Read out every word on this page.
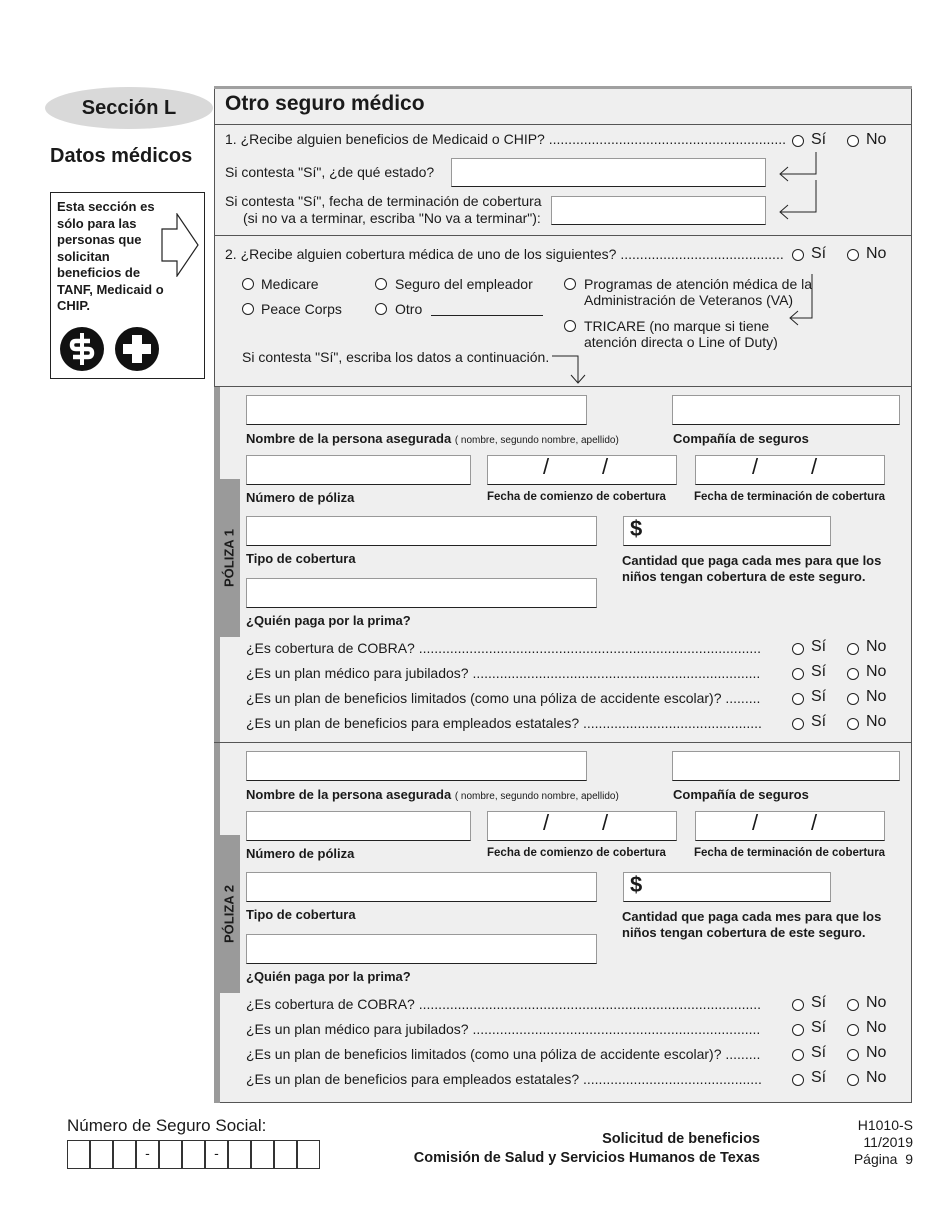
Sección L
Datos médicos
Esta sección es sólo para las personas que solicitan beneficios de TANF, Medicaid o CHIP.
Otro seguro médico
1. ¿Recibe alguien beneficios de Medicaid o CHIP? ............................................................. Sí No
Si contesta "Sí", ¿de qué estado?
Si contesta "Sí", fecha de terminación de cobertura
(si no va a terminar, escriba "No va a terminar"):
2. ¿Recibe alguien cobertura médica de uno de los siguientes? .......................................... Sí No
Medicare	Seguro del empleador	Programas de atención médica de la
Administración de Veteranos (VA)
Peace Corps	Otro
TRICARE (no marque si tiene
atención directa o Line of Duty)
Si contesta "Sí", escriba los datos a continuación.
PÓLIZA 1
Nombre de la persona asegurada ( nombre, segundo nombre, apellido)	Compañía de seguros
/ /	/ /
Número de póliza	Fecha de comienzo de cobertura Fecha de terminación de cobertura
$
Tipo de cobertura	Cantidad que paga cada mes para que los
niños tengan cobertura de este seguro.
¿Quién paga por la prima?
¿Es cobertura de COBRA? ........................................................................................	Sí No
¿Es un plan médico para jubilados? ..........................................................................	Sí No
¿Es un plan de beneficios limitados (como una póliza de accidente escolar)? .........	Sí No
¿Es un plan de beneficios para empleados estatales? ..............................................	Sí No
PÓLIZA 2
Nombre de la persona asegurada ( nombre, segundo nombre, apellido)	Compañía de seguros
/ /	/ /
Número de póliza	Fecha de comienzo de cobertura Fecha de terminación de cobertura
$
Tipo de cobertura	Cantidad que paga cada mes para que los
niños tengan cobertura de este seguro.
¿Quién paga por la prima?
¿Es cobertura de COBRA? ........................................................................................	Sí No
¿Es un plan médico para jubilados? ..........................................................................	Sí No
¿Es un plan de beneficios limitados (como una póliza de accidente escolar)? .........	Sí No
¿Es un plan de beneficios para empleados estatales? ..............................................	Sí No
Número de Seguro Social:
-	-
Solicitud de beneficios
Comisión de Salud y Servicios Humanos de Texas
H1010-S
11/2019
Página  9
